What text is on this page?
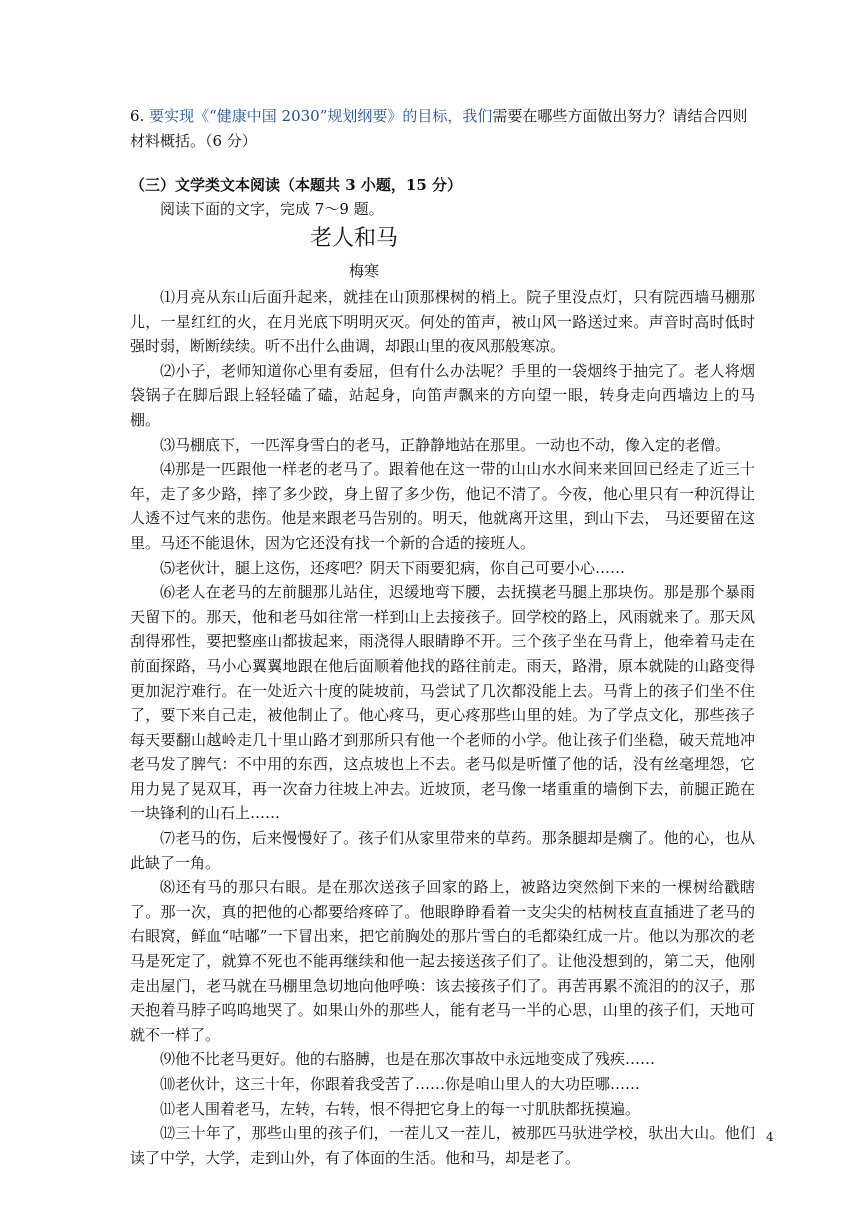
6. 要实现《“健康中国 2030”规划纲要》的目标，我们需要在哪些方面做出努力？请结合四则材料概括。（6 分）

（三）文学类文本阅读（本题共 3 小题，15 分）

阅读下面的文字，完成 7～9 题。

老人和马

梅寒

⑴月亮从东山后面升起来，就挂在山顶那棵树的梢上。院子里没点灯，只有院西墙马棚那儿，一星红红的火，在月光底下明明灭灭。何处的笛声，被山风一路送过来。声音时高时低时强时弱，断断续续。听不出什么曲调，却跟山里的夜风那般寒凉。

⑵小子，老师知道你心里有委屈，但有什么办法呢？手里的一袋烟终于抽完了。老人将烟袋锅子在脚后跟上轻轻磕了磕，站起身，向笛声飘来的方向望一眼，转身走向西墙边上的马棚。

⑶马棚底下，一匹浑身雪白的老马，正静静地站在那里。一动也不动，像入定的老僧。

⑷那是一匹跟他一样老的老马了。跟着他在这一带的山山水水间来来回回已经走了近三十年，走了多少路，摔了多少跤，身上留了多少伤，他记不清了。今夜，他心里只有一种沉得让人透不过气来的悲伤。他是来跟老马告别的。明天，他就离开这里，到山下去， 马还要留在这里。马还不能退休，因为它还没有找一个新的合适的接班人。

⑸老伙计，腿上这伤，还疼吧？阴天下雨要犯病，你自己可要小心……

⑹老人在老马的左前腿那儿站住，迟缓地弯下腰，去抚摸老马腿上那块伤。那是那个暴雨天留下的。那天，他和老马如往常一样到山上去接孩子。回学校的路上，风雨就来了。那天风刮得邪性，要把整座山都拔起来，雨浇得人眼睛睁不开。三个孩子坐在马背上，他牵着马走在前面探路，马小心翼翼地跟在他后面顺着他找的路往前走。雨天，路滑，原本就陡的山路变得更加泥泞难行。在一处近六十度的陡坡前，马尝试了几次都没能上去。马背上的孩子们坐不住了，要下来自己走，被他制止了。他心疼马，更心疼那些山里的娃。为了学点文化，那些孩子每天要翻山越岭走几十里山路才到那所只有他一个老师的小学。他让孩子们坐稳，破天荒地冲老马发了脾气：不中用的东西，这点坡也上不去。老马似是听懂了他的话，没有丝毫埋怨，它用力晃了晃双耳，再一次奋力往坡上冲去。近坡顶，老马像一堵重重的墙倒下去，前腿正跪在一块锋利的山石上……

⑺老马的伤，后来慢慢好了。孩子们从家里带来的草药。那条腿却是瘸了。他的心，也从此缺了一角。

⑻还有马的那只右眼。是在那次送孩子回家的路上，被路边突然倒下来的一棵树给戳瞎了。那一次，真的把他的心都要给疼碎了。他眼睁睁看着一支尖尖的枯树枝直直插进了老马的右眼窝，鲜血“咕嘟”一下冒出来，把它前胸处的那片雪白的毛都染红成一片。他以为那次的老马是死定了，就算不死也不能再继续和他一起去接送孩子们了。让他没想到的，第二天，他刚走出屋门，老马就在马棚里急切地向他呼唤：该去接孩子们了。再苦再累不流泪的的汉子，那天抱着马脖子呜呜地哭了。如果山外的那些人，能有老马一半的心思，山里的孩子们，天地可就不一样了。

⑼他不比老马更好。他的右胳膊，也是在那次事故中永远地变成了残疾……

⑽老伙计，这三十年，你跟着我受苦了……你是咱山里人的大功臣哪……

⑾老人围着老马，左转，右转，恨不得把它身上的每一寸肌肤都抚摸遍。

⑿三十年了，那些山里的孩子们，一茬儿又一茬儿，被那匹马驮进学校，驮出大山。他们读了中学，大学，走到山外，有了体面的生活。他和马，却是老了。

4
